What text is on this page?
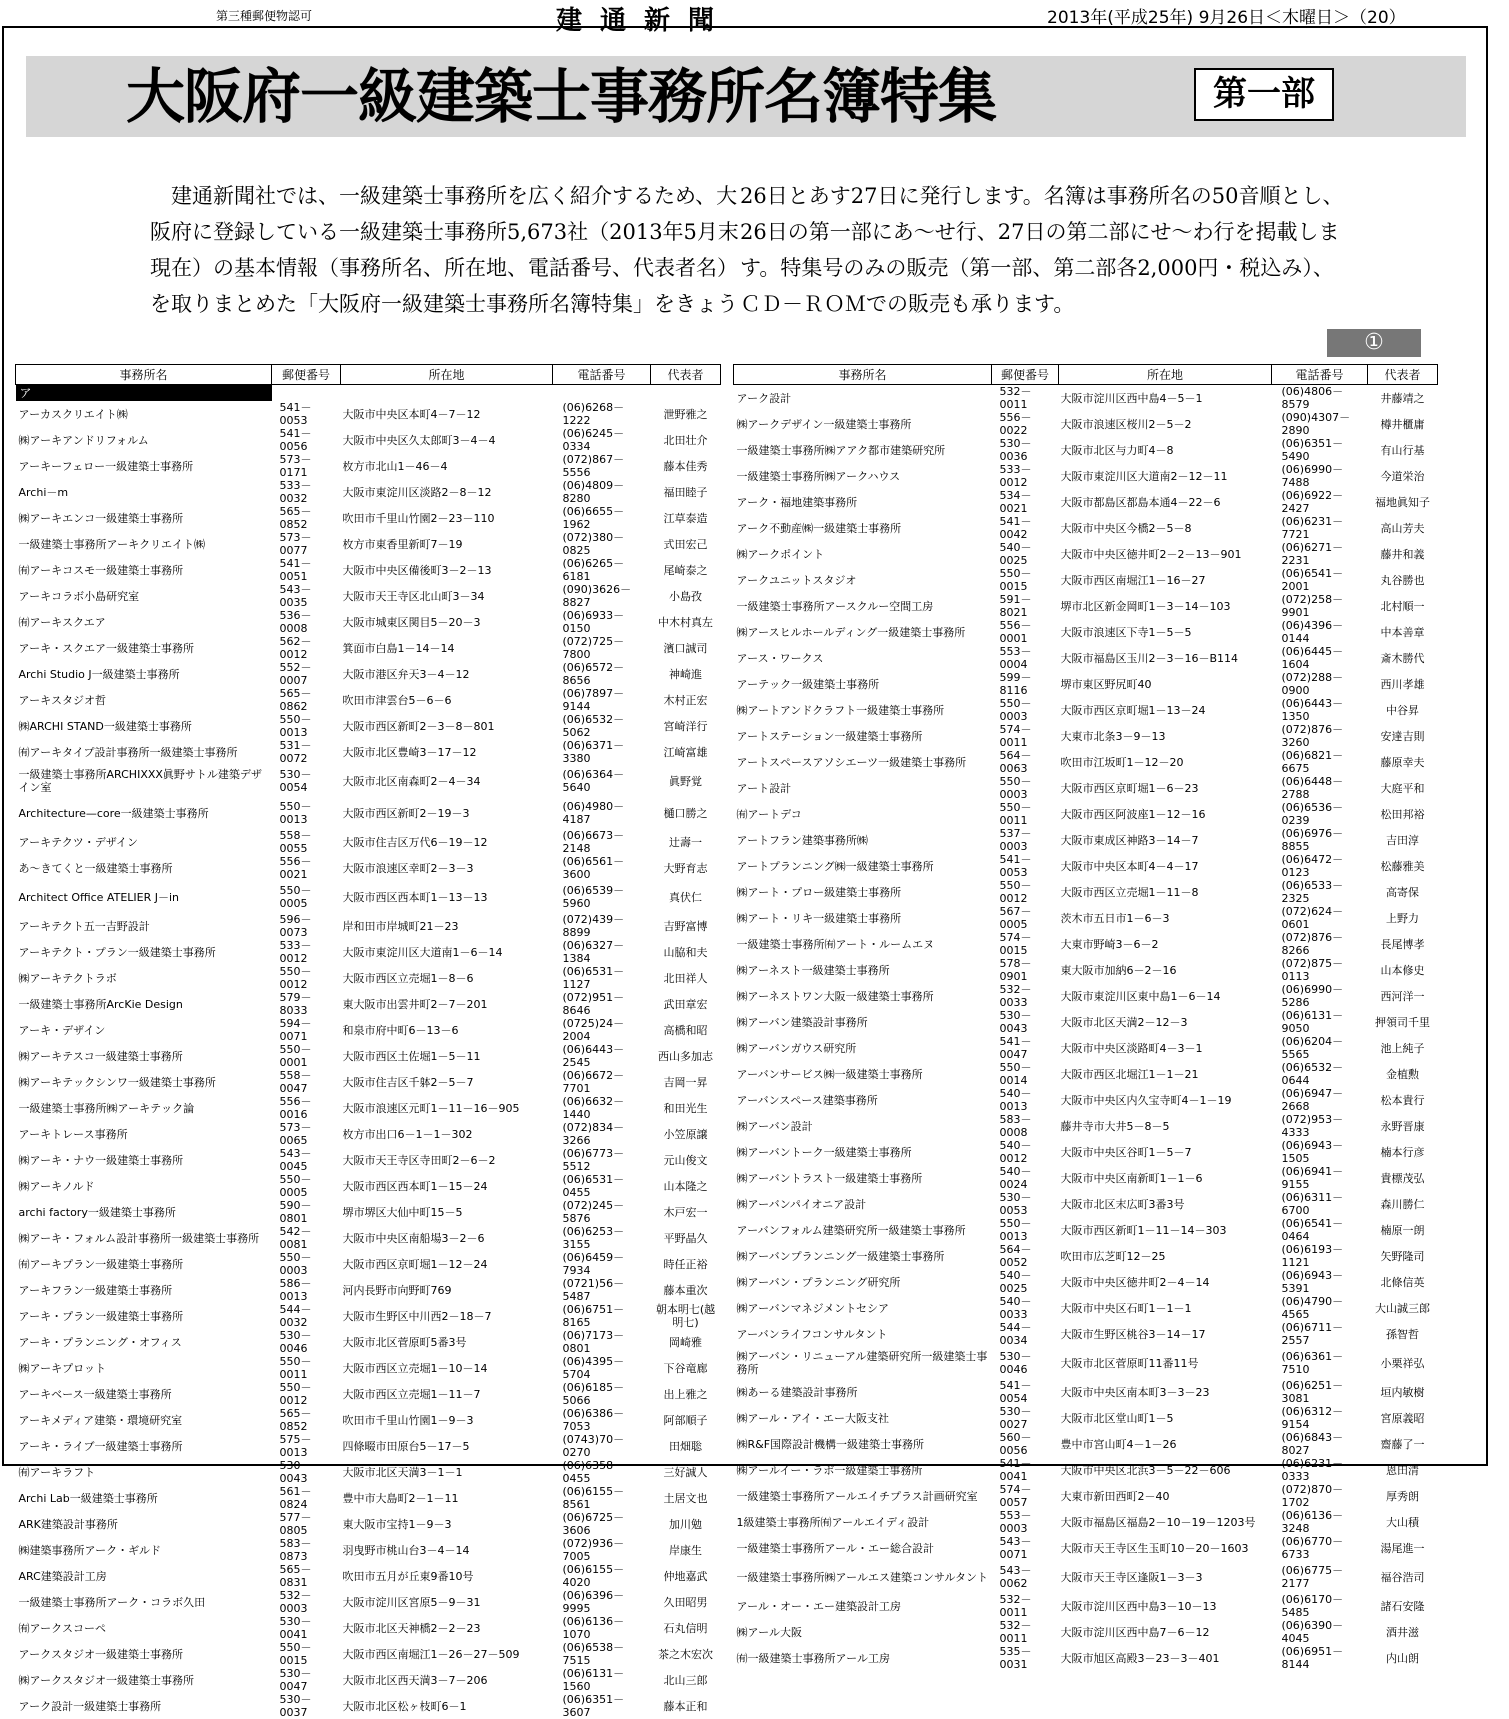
第三種郵便物認可	建通新聞	2013年(平成25年) 9月26日＜木曜日＞（20）
大阪府一級建築士事務所名簿特集	第一部
　建通新聞社では、一級建築士事務所を広く紹介するため、大
阪府に登録している一級建築士事務所5,673社（2013年5月末
現在）の基本情報（事務所名、所在地、電話番号、代表者名）
を取りまとめた「大阪府一級建築士事務所名簿特集」をきょう
26日とあす27日に発行します。名簿は事務所名の50音順とし、
26日の第一部にあ～せ行、27日の第二部にせ～わ行を掲載しま
す。特集号のみの販売（第一部、第二部各2,000円・税込み）、
ＣＤ－ＲＯＭでの販売も承ります。
①
事務所名	郵便番号	所在地	電話番号	代表者
ア				
アーカスクリエイト㈱	541－0053	大阪市中央区本町4－7－12	(06)6268－1222	泄野雅之
㈱アーキアンドリフォルム	541－0056	大阪市中央区久太郎町3－4－4	(06)6245－0334	北田壮介
アーキーフェロー一級建築士事務所	573－0171	枚方市北山1－46－4	(072)867－5556	藤本佳秀
Archi－m	533－0032	大阪市東淀川区淡路2－8－12	(06)4809－8280	福田睦子
㈱アーキエンコ一級建築士事務所	565－0852	吹田市千里山竹園2－23－110	(06)6655－1962	江草泰造
一級建築士事務所アーキクリエイト㈱	573－0077	枚方市東香里新町7－19	(072)380－0825	式田宏己
㈲アーキコスモ一級建築士事務所	541－0051	大阪市中央区備後町3－2－13	(06)6265－6181	尾崎泰之
アーキコラボ小島研究室	543－0035	大阪市天王寺区北山町3－34	(090)3626－8827	小島孜
㈲アーキスクエア	536－0008	大阪市城東区関目5－20－3	(06)6933－0150	中木村真左
アーキ・スクエア一級建築士事務所	562－0012	箕面市白島1－14－14	(072)725－7800	濱口誠司
Archi Studio J一級建築士事務所	552－0007	大阪市港区弁天3－4－12	(06)6572－8656	神崎進
アーキスタジオ哲	565－0862	吹田市津雲台5－6－6	(06)7897－9144	木村正宏
㈱ARCHI STAND一級建築士事務所	550－0013	大阪市西区新町2－3－8－801	(06)6532－5062	宮崎洋行
㈲アーキタイプ設計事務所一級建築士事務所	531－0072	大阪市北区豊崎3－17－12	(06)6371－3380	江崎富雄
一級建築士事務所ARCHIXXX眞野サトル建築デザイン室	530－0054	大阪市北区南森町2－4－34	(06)6364－5640	眞野覚
Architecture—core一級建築士事務所	550－0013	大阪市西区新町2－19－3	(06)4980－4187	樋口勝之
アーキテクツ・デザイン	558－0055	大阪市住吉区万代6－19－12	(06)6673－2148	辻壽一
あ～きてくと一級建築士事務所	556－0021	大阪市浪速区幸町2－3－3	(06)6561－3600	大野育志
Architect Office ATELIER J－in	550－0005	大阪市西区西本町1－13－13	(06)6539－5960	真伏仁
アーキテクト五一吉野設計	596－0073	岸和田市岸城町21－23	(072)439－8899	吉野富博
アーキテクト・プラン一級建築士事務所	533－0012	大阪市東淀川区大道南1－6－14	(06)6327－1384	山脇和夫
㈱アーキテクトラボ	550－0012	大阪市西区立売堀1－8－6	(06)6531－1127	北田祥人
一級建築士事務所ArcKie Design	579－8033	東大阪市出雲井町2－7－201	(072)951－8646	武田章宏
アーキ・デザイン	594－0071	和泉市府中町6－13－6	(0725)24－2004	高橋和昭
㈱アーキテスコ一級建築士事務所	550－0001	大阪市西区土佐堀1－5－11	(06)6443－2545	西山多加志
㈱アーキテックシンワ一級建築士事務所	558－0047	大阪市住吉区千躰2－5－7	(06)6672－7701	吉岡一昇
一級建築士事務所㈱アーキテック論	556－0016	大阪市浪速区元町1－11－16－905	(06)6632－1440	和田光生
アーキトレース事務所	573－0065	枚方市出口6－1－1－302	(072)834－3266	小笠原譲
㈱アーキ・ナウ一級建築士事務所	543－0045	大阪市天王寺区寺田町2－6－2	(06)6773－5512	元山俊文
㈱アーキノルド	550－0005	大阪市西区西本町1－15－24	(06)6531－0455	山本隆之
archi factory一級建築士事務所	590－0801	堺市堺区大仙中町15－5	(072)245－5876	木戸宏一
㈱アーキ・フォルム設計事務所一級建築士事務所	542－0081	大阪市中央区南船場3－2－6	(06)6253－3155	平野晶久
㈲アーキプラン一級建築士事務所	550－0003	大阪市西区京町堀1－12－24	(06)6459－7934	時任正裕
アーキフラン一級建築士事務所	586－0013	河内長野市向野町769	(0721)56－5487	藤本重次
アーキ・プラン一級建築士事務所	544－0032	大阪市生野区中川西2－18－7	(06)6751－8165	朝本明七(越明七)
アーキ・プランニング・オフィス	530－0046	大阪市北区菅原町5番3号	(06)7173－0801	岡崎雅
㈱アーキプロット	550－0011	大阪市西区立売堀1－10－14	(06)4395－5704	下谷竜廊
アーキベース一級建築士事務所	550－0012	大阪市西区立売堀1－11－7	(06)6185－5066	出上雅之
アーキメディア建築・環境研究室	565－0852	吹田市千里山竹園1－9－3	(06)6386－7053	阿部順子
アーキ・ライブ一級建築士事務所	575－0013	四條畷市田原台5－17－5	(0743)70－0270	田畑聡
㈲アーキラフト	530－0043	大阪市北区天満3－1－1	(06)6358－0455	三好誠人
Archi Lab一級建築士事務所	561－0824	豊中市大島町2－1－11	(06)6155－8561	土居文也
ARK建築設計事務所	577－0805	東大阪市宝持1－9－3	(06)6725－3606	加川勉
㈱建築事務所アーク・ギルド	583－0873	羽曳野市桃山台3－4－14	(072)936－7005	岸康生
ARC建築設計工房	565－0831	吹田市五月が丘東9番10号	(06)6155－4020	仲地嘉武
一級建築士事務所アーク・コラボ久田	532－0003	大阪市淀川区宮原5－9－31	(06)6396－9995	久田昭男
㈲アークスコーペ	530－0041	大阪市北区天神橋2－2－23	(06)6136－1070	石丸信明
アークスタジオ一級建築士事務所	550－0015	大阪市西区南堀江1－26－27－509	(06)6538－7515	茶之木宏次
㈱アークスタジオ一級建築士事務所	530－0047	大阪市北区西天満3－7－206	(06)6131－1560	北山三郎
アーク設計一級建築士事務所	530－0037	大阪市北区松ヶ枝町6－1	(06)6351－3607	藤本正和
事務所名	郵便番号	所在地	電話番号	代表者
アーク設計	532－0011	大阪市淀川区西中島4－5－1	(06)4806－8579	井藤靖之
㈱アークデザイン一級建築士事務所	556－0022	大阪市浪速区桜川2－5－2	(090)4307－2890	樽井櫃庸
一級建築士事務所㈱アアク都市建築研究所	530－0036	大阪市北区与力町4－8	(06)6351－5490	有山行基
一級建築士事務所㈱アークハウス	533－0012	大阪市東淀川区大道南2－12－11	(06)6990－7488	今道栄治
アーク・福地建築事務所	534－0021	大阪市都島区都島本通4－22－6	(06)6922－2427	福地眞知子
アーク不動産㈱一級建築士事務所	541－0042	大阪市中央区今橋2－5－8	(06)6231－7721	高山芳夫
㈱アークポイント	540－0025	大阪市中央区徳井町2－2－13－901	(06)6271－2231	藤井和義
アークユニットスタジオ	550－0015	大阪市西区南堀江1－16－27	(06)6541－2001	丸谷勝也
一級建築士事務所アースクルー空間工房	591－8021	堺市北区新金岡町1－3－14－103	(072)258－9901	北村順一
㈱アースヒルホールディング一級建築士事務所	556－0001	大阪市浪速区下寺1－5－5	(06)4396－0144	中本善章
アース・ワークス	553－0004	大阪市福島区玉川2－3－16－B114	(06)6445－1604	斎木勝代
アーテック一級建築士事務所	599－8116	堺市東区野尻町40	(072)288－0900	西川孝雄
㈱アートアンドクラフト一級建築士事務所	550－0003	大阪市西区京町堀1－13－24	(06)6443－1350	中谷昇
アートステーション一級建築士事務所	574－0011	大東市北条3－9－13	(072)876－3260	安達吉則
アートスペースアソシエーツ一級建築士事務所	564－0063	吹田市江坂町1－12－20	(06)6821－6675	藤原幸夫
アート設計	550－0003	大阪市西区京町堀1－6－23	(06)6448－2788	大庭平和
㈲アートデコ	550－0011	大阪市西区阿波座1－12－16	(06)6536－0239	松田邦裕
アートフラン建築事務所㈱	537－0003	大阪市東成区神路3－14－7	(06)6976－8855	吉田淳
アートプランニング㈱一級建築士事務所	541－0053	大阪市中央区本町4－4－17	(06)6472－0123	松藤雅美
㈱アート・プロー級建築士事務所	550－0012	大阪市西区立売堀1－11－8	(06)6533－2325	高寄保
㈱アート・リキ一級建築士事務所	567－0005	茨木市五日市1－6－3	(072)624－0601	上野力
一級建築士事務所㈲アート・ルームエヌ	574－0015	大東市野崎3－6－2	(072)876－8266	長尾博孝
㈱アーネスト一級建築士事務所	578－0901	東大阪市加納6－2－16	(072)875－0113	山本修史
㈱アーネストワン大阪一級建築士事務所	532－0033	大阪市東淀川区東中島1－6－14	(06)6990－5286	西河洋一
㈱アーバン建築設計事務所	530－0043	大阪市北区天満2－12－3	(06)6131－9050	押領司千里
㈱アーバンガウス研究所	541－0047	大阪市中央区淡路町4－3－1	(06)6204－5565	池上純子
アーバンサービス㈱一級建築士事務所	550－0014	大阪市西区北堀江1－1－21	(06)6532－0644	金植勲
アーバンスペース建築事務所	540－0013	大阪市中央区内久宝寺町4－1－19	(06)6947－2668	松本貴行
㈱アーバン設計	583－0008	藤井寺市大井5－8－5	(072)953－4333	永野晋康
㈱アーバントーク一級建築士事務所	540－0012	大阪市中央区谷町1－5－7	(06)6943－1505	楠本行彦
㈱アーバントラスト一級建築士事務所	540－0024	大阪市中央区南新町1－1－6	(06)6941－9155	貴標茂弘
㈱アーバンパイオニア設計	530－0053	大阪市北区末広町3番3号	(06)6311－6700	森川勝仁
アーバンフォルム建築研究所一級建築士事務所	550－0013	大阪市西区新町1－11－14－303	(06)6541－0464	楠原一朗
㈱アーバンプランニング一級建築士事務所	564－0052	吹田市広芝町12－25	(06)6193－1121	矢野隆司
㈱アーバン・プランニング研究所	540－0025	大阪市中央区徳井町2－4－14	(06)6943－5391	北條信英
㈱アーバンマネジメントセシア	540－0033	大阪市中央区石町1－1－1	(06)4790－4565	大山誠三郎
アーバンライフコンサルタント	544－0034	大阪市生野区桃谷3－14－17	(06)6711－2557	孫智哲
㈱アーバン・リニューアル建築研究所一級建築士事務所	530－0046	大阪市北区菅原町11番11号	(06)6361－7510	小栗祥弘
㈱あーる建築設計事務所	541－0054	大阪市中央区南本町3－3－23	(06)6251－3081	垣内敏樹
㈱アール・アイ・エー大阪支社	530－0027	大阪市北区堂山町1－5	(06)6312－9154	宮原義昭
㈱R&F国際設計機構一級建築士事務所	560－0056	豊中市宮山町4－1－26	(06)6843－8027	齋藤了一
㈱アールイー・ラボ一級建築士事務所	541－0041	大阪市中央区北浜3－5－22－606	(06)6231－0333	恩田清
一級建築士事務所アールエイチプラス計画研究室	574－0057	大東市新田西町2－40	(072)870－1702	厚秀朗
1級建築士事務所㈲アールエイディ設計	553－0003	大阪市福島区福島2－10－19－1203号	(06)6136－3248	大山積
一級建築士事務所アール・エー総合設計	543－0071	大阪市天王寺区生玉町10－20－1603	(06)6770－6733	湯尾進一
一級建築士事務所㈱アールエス建築コンサルタント	543－0062	大阪市天王寺区逢阪1－3－3	(06)6775－2177	福谷浩司
アール・オー・エー建築設計工房	532－0011	大阪市淀川区西中島3－10－13	(06)6170－5485	諸石安隆
㈱アール大阪	532－0011	大阪市淀川区西中島7－6－12	(06)6390－4045	酒井滋
㈲一級建築士事務所アール工房	535－0031	大阪市旭区高殿3－23－3－401	(06)6951－8144	内山朗
